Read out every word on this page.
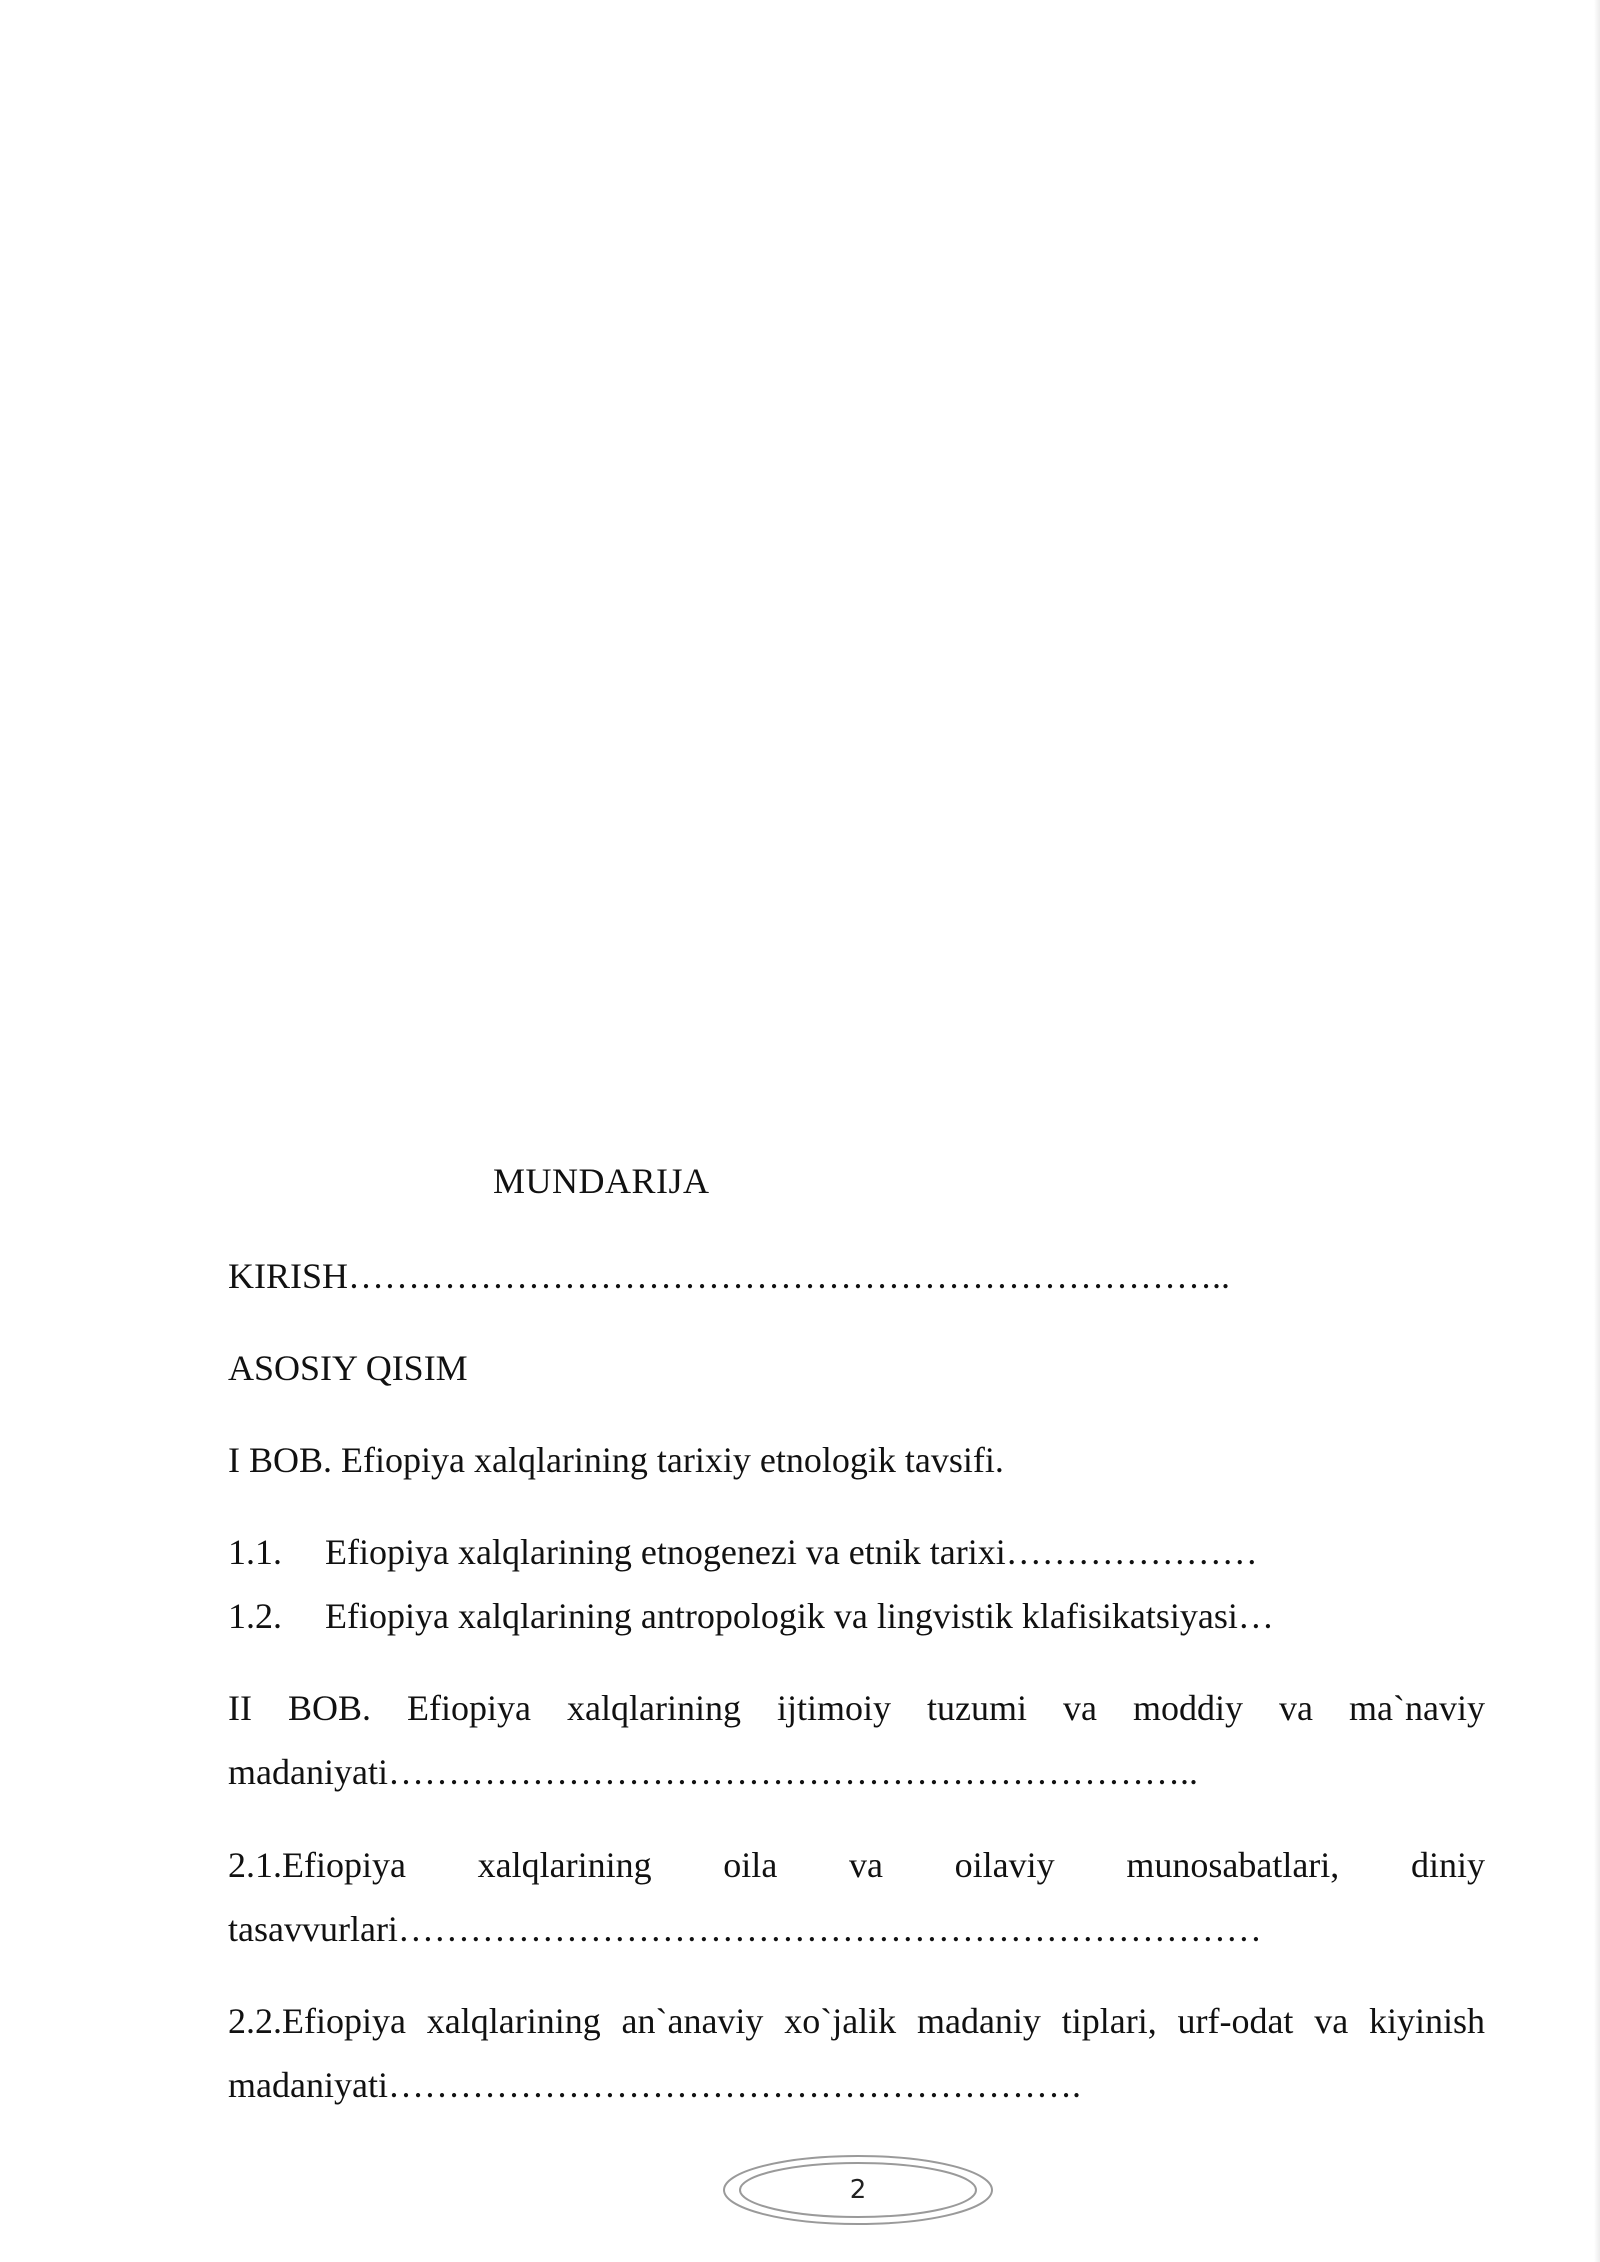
MUNDARIJA
KIRISH………………………………………………………………..
ASOSIY QISIM
I BOB. Efiopiya xalqlarining tarixiy etnologik tavsifi.
1.1. Efiopiya xalqlarining etnogenezi va etnik tarixi…………………
1.2. Efiopiya xalqlarining antropologik va lingvistik klafisikatsiyasi…
II BOB. Efiopiya xalqlarining ijtimoiy tuzumi va moddiy va ma`naviy
madaniyati…………………………………………………………..
2.1.Efiopiya xalqlarining oila va oilaviy munosabatlari, diniy
tasavvurlari………………………………………………………………
2.2.Efiopiya xalqlarining an`anaviy xo`jalik madaniy tiplari, urf-odat va kiyinish
madaniyati………………………………………………….
2
